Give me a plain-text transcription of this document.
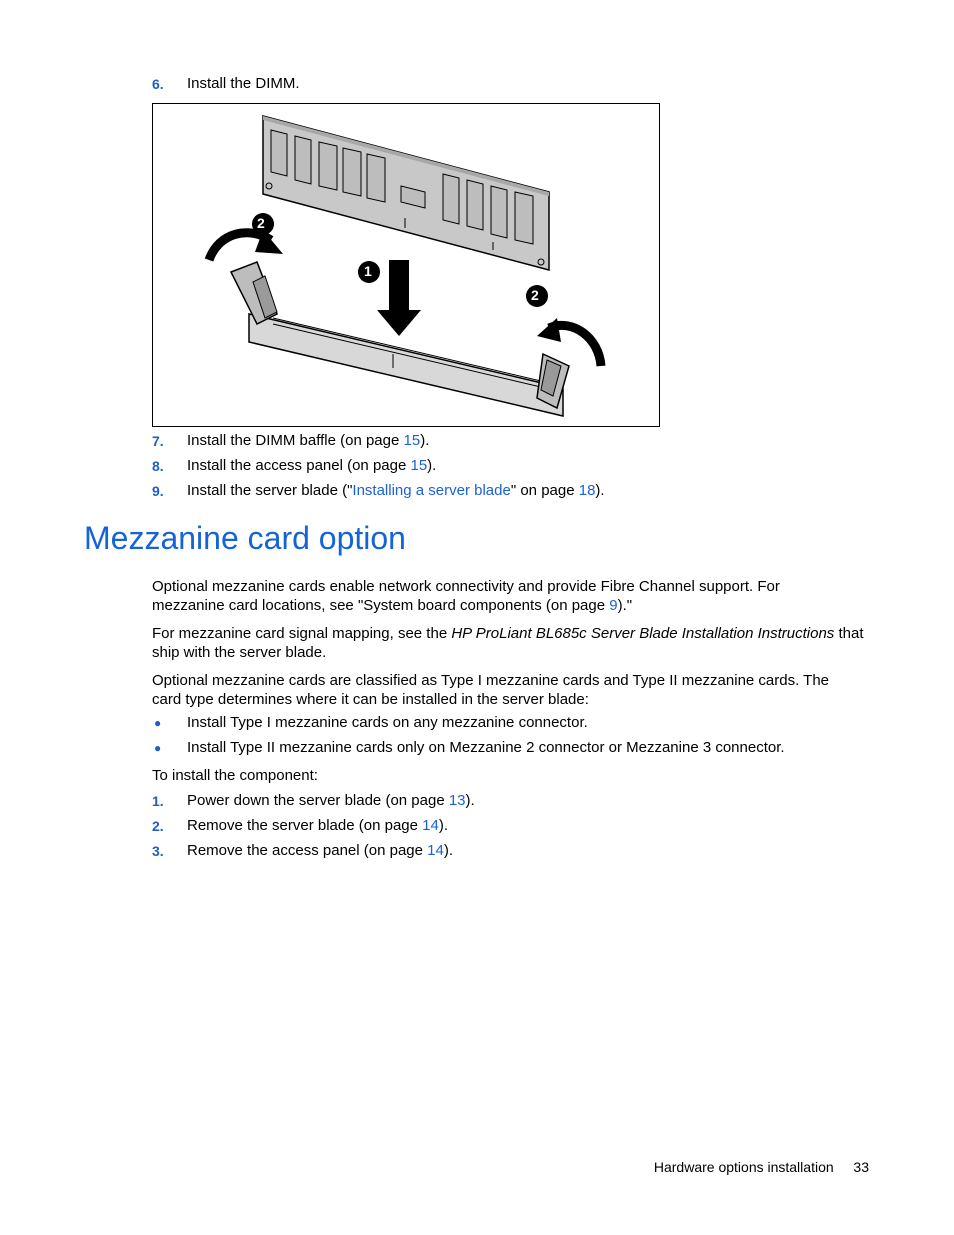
6. Install the DIMM.
2
1
2
7. Install the DIMM baffle (on page 15).
8. Install the access panel (on page 15).
9. Install the server blade ("Installing a server blade" on page 18).
Mezzanine card option
Optional mezzanine cards enable network connectivity and provide Fibre Channel support. For
mezzanine card locations, see "System board components (on page 9)."
For mezzanine card signal mapping, see the HP ProLiant BL685c Server Blade Installation Instructions that
ship with the server blade.
Optional mezzanine cards are classified as Type I mezzanine cards and Type II mezzanine cards. The
card type determines where it can be installed in the server blade:
● Install Type I mezzanine cards on any mezzanine connector.
● Install Type II mezzanine cards only on Mezzanine 2 connector or Mezzanine 3 connector.
To install the component:
1. Power down the server blade (on page 13).
2. Remove the server blade (on page 14).
3. Remove the access panel (on page 14).
Hardware options installation 33
